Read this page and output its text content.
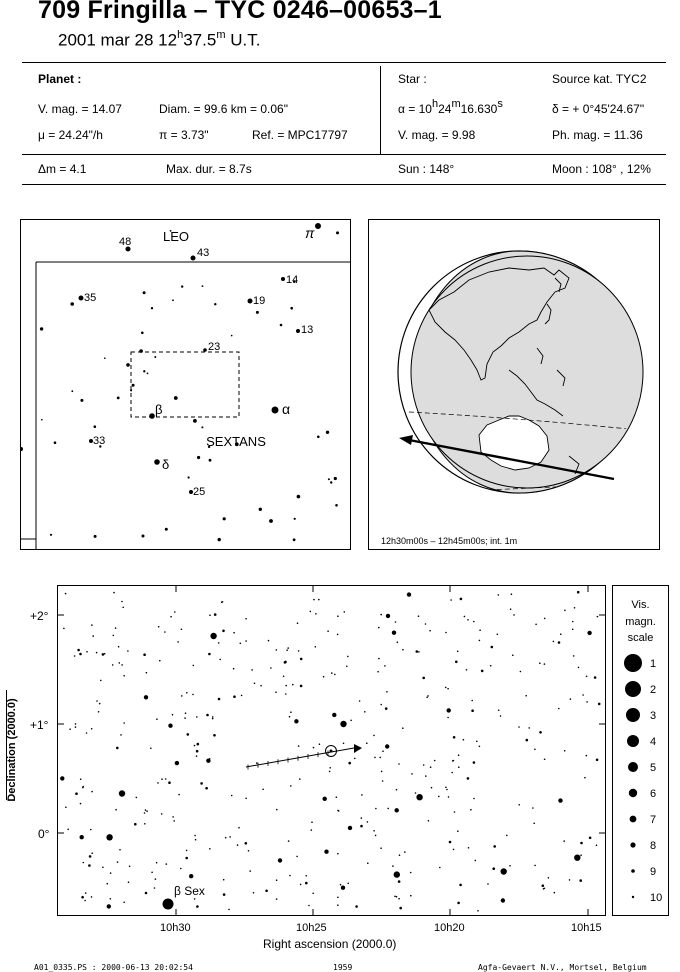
709 Fringilla – TYC 0246–00653–1
2001 mar 28 12$^h$37.5$^m$ U.T.
Planet :
V. mag. = 14.07	Diam. = 99.6 km = 0.06"
μ = 24.24"/h	π = 3.73"	Ref. = MPC17797
Star :	Source kat. TYC2
α = 10h24m16.630s	δ = + 0°45'24.67"
V. mag. = 9.98	Ph. mag. = 11.36
Δm = 4.1	Max. dur. = 8.7s	Sun : 148°	Moon : 108° , 12%
LEO
SEXTANS
48
43
14
35	19
13
23
33
25
π
β	α
δ
12h30m00s – 12h45m00s; int. 1m
Declination (2000.0)
β Sex
+2°
+1°
0°
10h30	10h25	10h20	10h15
Right ascension (2000.0)
Vis.
magn.
scale
1
2
3
4
5
6
7
8
9
10
A01_0335.PS : 2000-06-13 20:02:54	1959	Agfa-Gevaert N.V., Mortsel, Belgium
